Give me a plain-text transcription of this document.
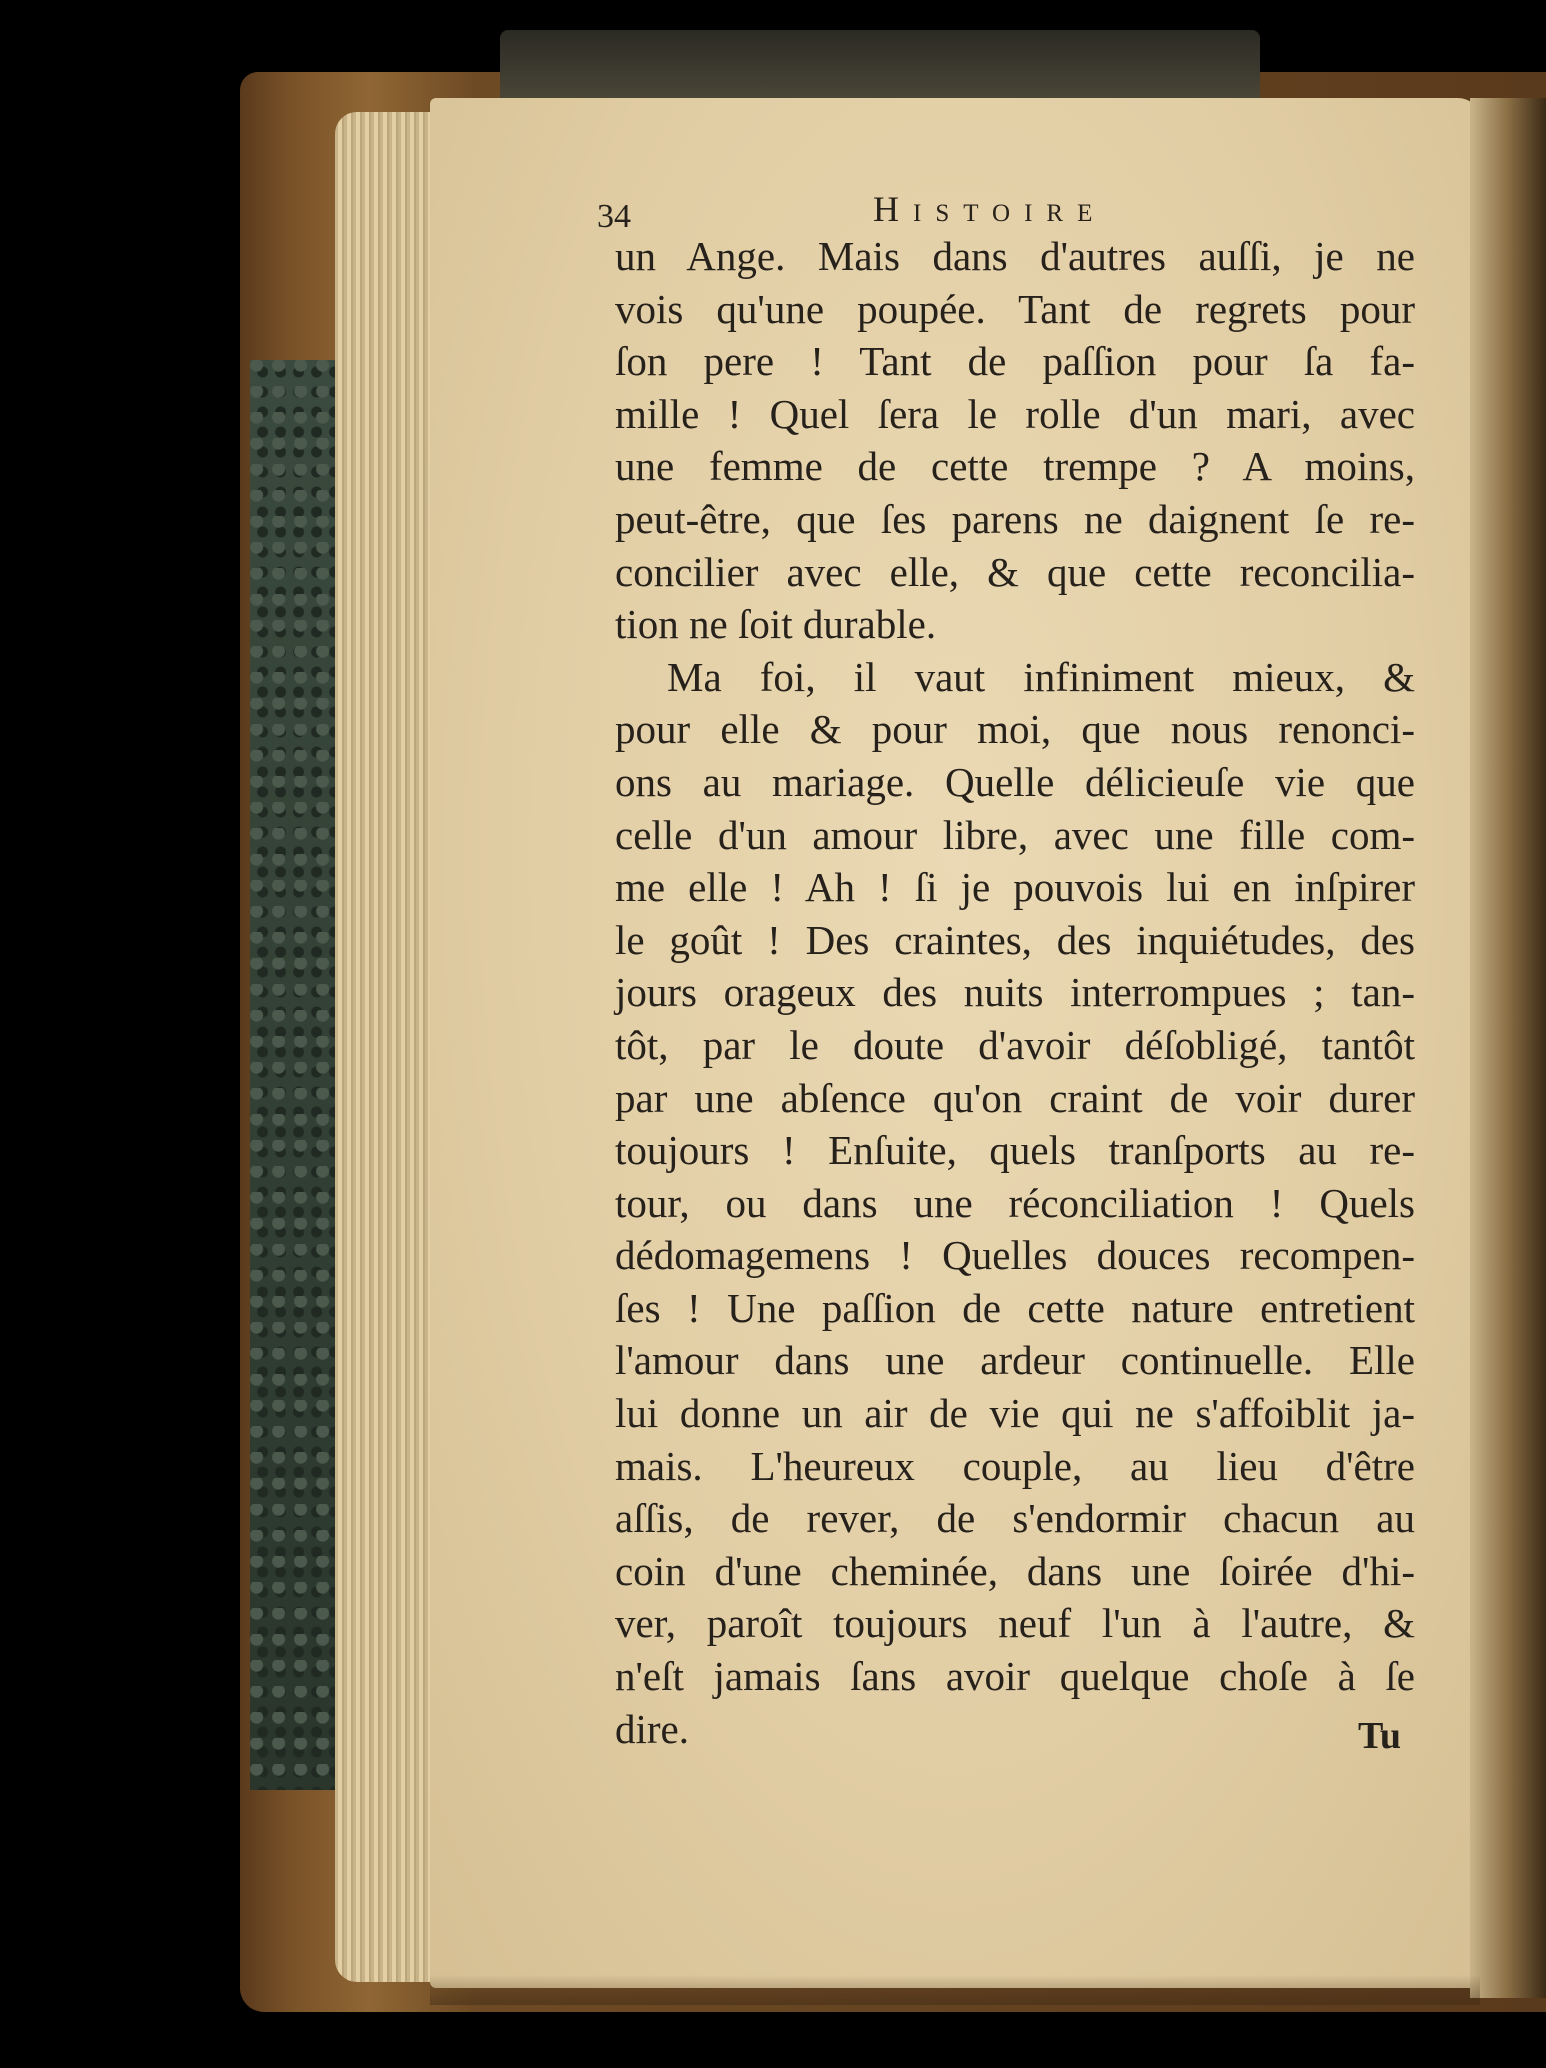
34	Histoire
un Ange. Mais dans d'autres auſſi, je ne
vois qu'une poupée. Tant de regrets pour
ſon pere ! Tant de paſſion pour ſa fa-
mille ! Quel ſera le rolle d'un mari, avec
une femme de cette trempe ? A moins,
peut-être, que ſes parens ne daignent ſe re-
concilier avec elle, & que cette reconcilia-
tion ne ſoit durable.
Ma foi, il vaut infiniment mieux, &
pour elle & pour moi, que nous renonci-
ons au mariage. Quelle délicieuſe vie que
celle d'un amour libre, avec une fille com-
me elle ! Ah ! ſi je pouvois lui en inſpirer
le goût ! Des craintes, des inquiétudes, des
jours orageux des nuits interrompues ; tan-
tôt, par le doute d'avoir déſobligé, tantôt
par une abſence qu'on craint de voir durer
toujours ! Enſuite, quels tranſports au re-
tour, ou dans une réconciliation ! Quels
dédomagemens ! Quelles douces recompen-
ſes ! Une paſſion de cette nature entretient
l'amour dans une ardeur continuelle. Elle
lui donne un air de vie qui ne s'affoiblit ja-
mais. L'heureux couple, au lieu d'être
aſſis, de rever, de s'endormir chacun au
coin d'une cheminée, dans une ſoirée d'hi-
ver, paroît toujours neuf l'un à l'autre, &
n'eſt jamais ſans avoir quelque choſe à ſe
dire.	Tu
